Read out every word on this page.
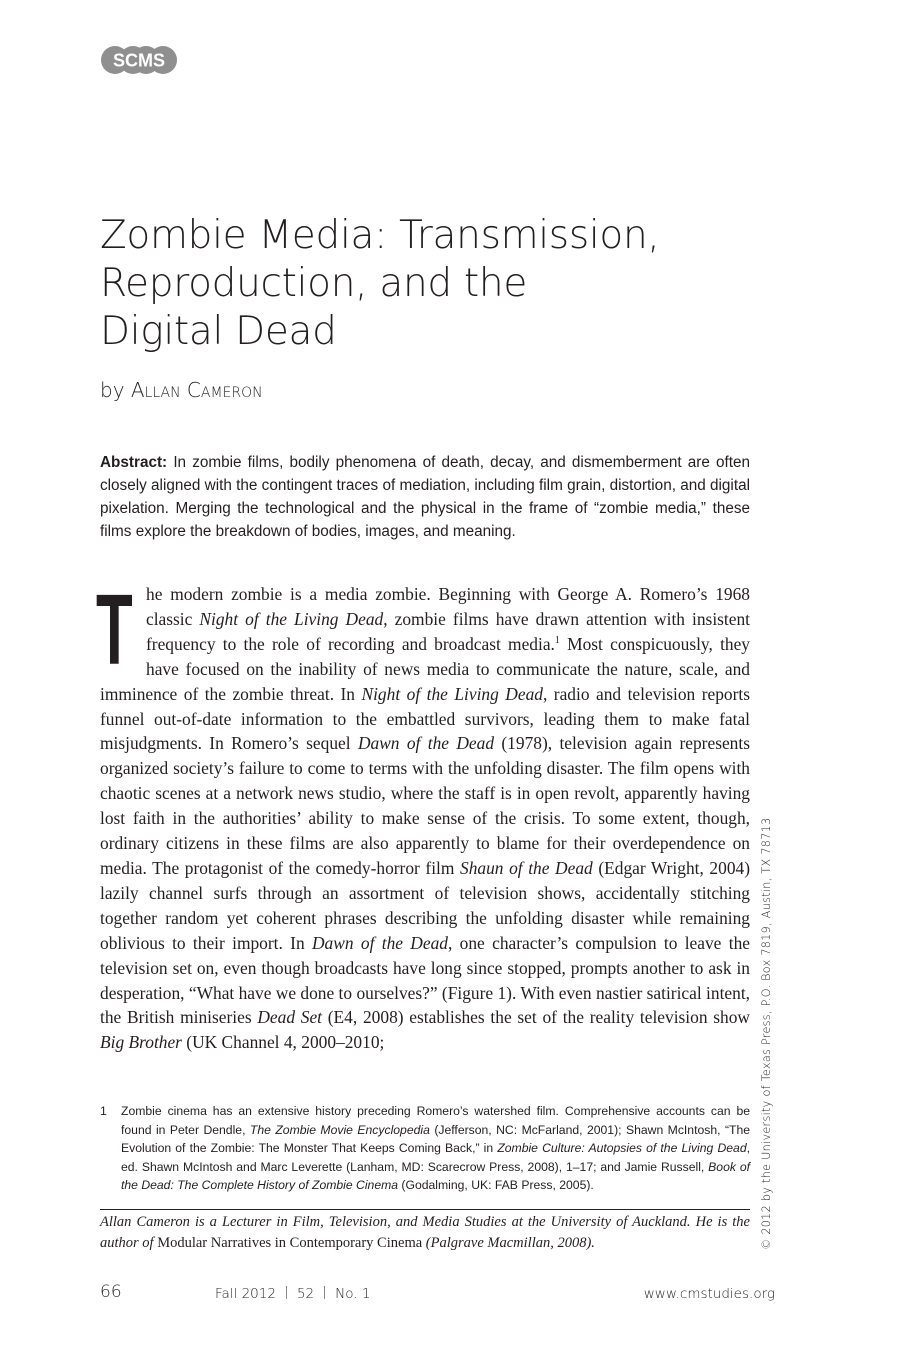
SCMS
Zombie Media: Transmission,
Reproduction, and the
Digital Dead
by Allan Cameron

Abstract: In zombie films, bodily phenomena of death, decay, and dismemberment are often closely aligned with the contingent traces of mediation, including film grain, distortion, and digital pixelation. Merging the technological and the physical in the frame of “zombie media,” these films explore the breakdown of bodies, images, and meaning.

The modern zombie is a media zombie. Beginning with George A. Romero’s 1968 classic Night of the Living Dead, zombie films have drawn attention with insistent frequency to the role of recording and broadcast media.$^1$ Most conspicuously, they have focused on the inability of news media to communicate the nature, scale, and imminence of the zombie threat. In Night of the Living Dead, radio and television reports funnel out-of-date information to the embattled survivors, leading them to make fatal misjudgments. In Romero’s sequel Dawn of the Dead (1978), television again represents organized society’s failure to come to terms with the unfolding disaster. The film opens with chaotic scenes at a network news studio, where the staff is in open revolt, apparently having lost faith in the authorities’ ability to make sense of the crisis. To some extent, though, ordinary citizens in these films are also apparently to blame for their overdependence on media. The protagonist of the comedy-horror film Shaun of the Dead (Edgar Wright, 2004) lazily channel surfs through an assortment of television shows, accidentally stitching together random yet coherent phrases describing the unfolding disaster while remaining oblivious to their import. In Dawn of the Dead, one character’s compulsion to leave the television set on, even though broadcasts have long since stopped, prompts another to ask in desperation, “What have we done to ourselves?” (Figure 1). With even nastier satirical intent, the British miniseries Dead Set (E4, 2008) establishes the set of the reality television show Big Brother (UK Channel 4, 2000–2010;

1 Zombie cinema has an extensive history preceding Romero’s watershed film. Comprehensive accounts can be found in Peter Dendle, The Zombie Movie Encyclopedia (Jefferson, NC: McFarland, 2001); Shawn McIntosh, “The Evolution of the Zombie: The Monster That Keeps Coming Back,” in Zombie Culture: Autopsies of the Living Dead, ed. Shawn McIntosh and Marc Leverette (Lanham, MD: Scarecrow Press, 2008), 1–17; and Jamie Russell, Book of the Dead: The Complete History of Zombie Cinema (Godalming, UK: FAB Press, 2005).
Allan Cameron is a Lecturer in Film, Television, and Media Studies at the University of Auckland. He is the author of Modular Narratives in Contemporary Cinema (Palgrave Macmillan, 2008).	© 2012 by the University of Texas Press, P.O. Box 7819, Austin, TX 78713
66	Fall 2012 52 No. 1	www.cmstudies.org
